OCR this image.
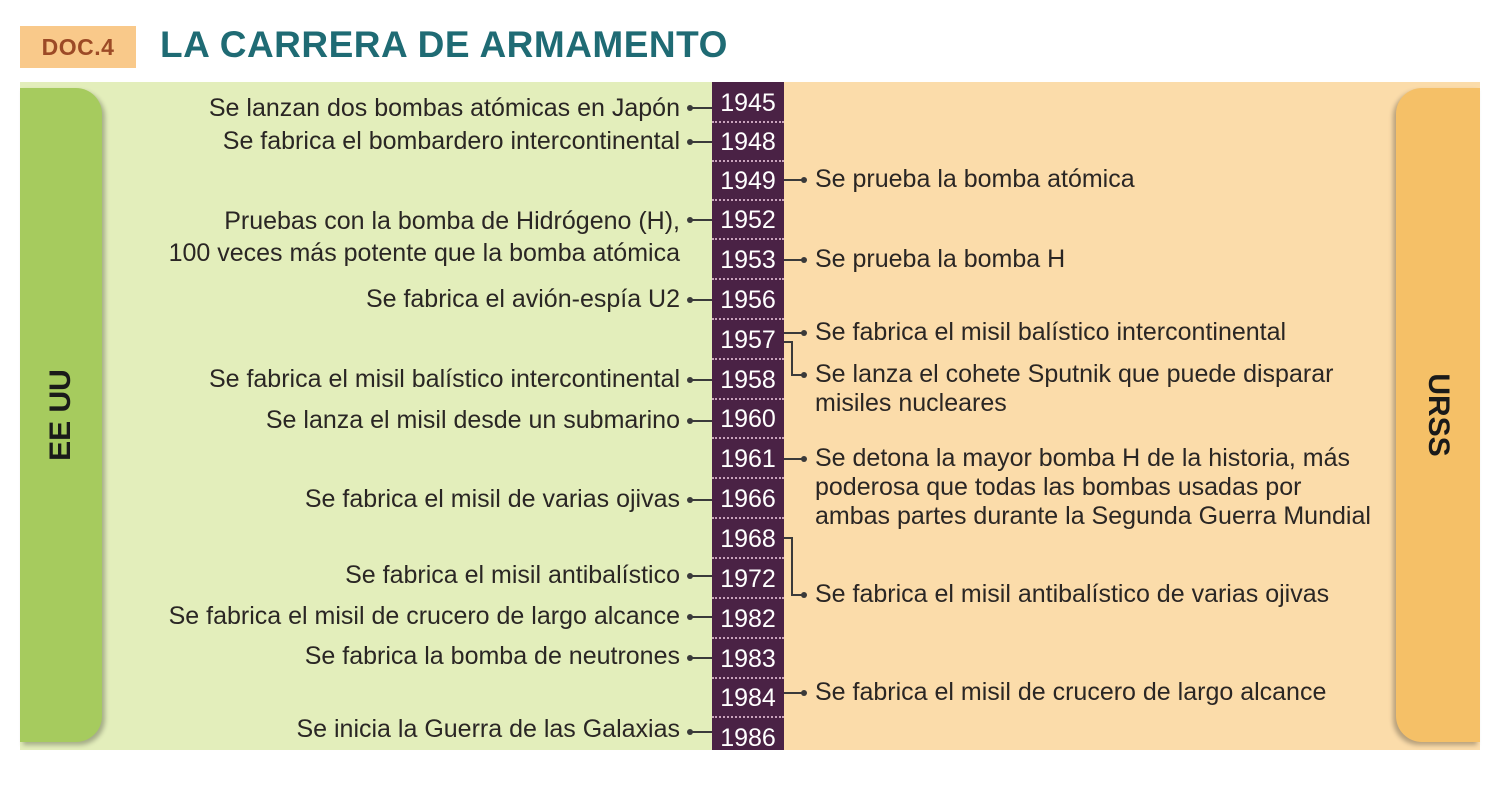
DOC.4	LA CARRERA DE ARMAMENTO
EE UU	URSS
1945
1948
1949
1952
1953
1956
1957
1958
1960
1961
1966
1968
1972
1982
1983
1984
1986
Se lanzan dos bombas atómicas en Japón
Se fabrica el bombardero intercontinental
Pruebas con la bomba de Hidrógeno (H),
100 veces más potente que la bomba atómica
Se fabrica el avión-espía U2
Se fabrica el misil balístico intercontinental
Se lanza el misil desde un submarino
Se fabrica el misil de varias ojivas
Se fabrica el misil antibalístico
Se fabrica el misil de crucero de largo alcance
Se fabrica la bomba de neutrones
Se inicia la Guerra de las Galaxias
Se prueba la bomba atómica
Se prueba la bomba H
Se fabrica el misil balístico intercontinental
Se lanza el cohete Sputnik que puede disparar
misiles nucleares
Se detona la mayor bomba H de la historia, más
poderosa que todas las bombas usadas por
ambas partes durante la Segunda Guerra Mundial
Se fabrica el misil antibalístico de varias ojivas
Se fabrica el misil de crucero de largo alcance
